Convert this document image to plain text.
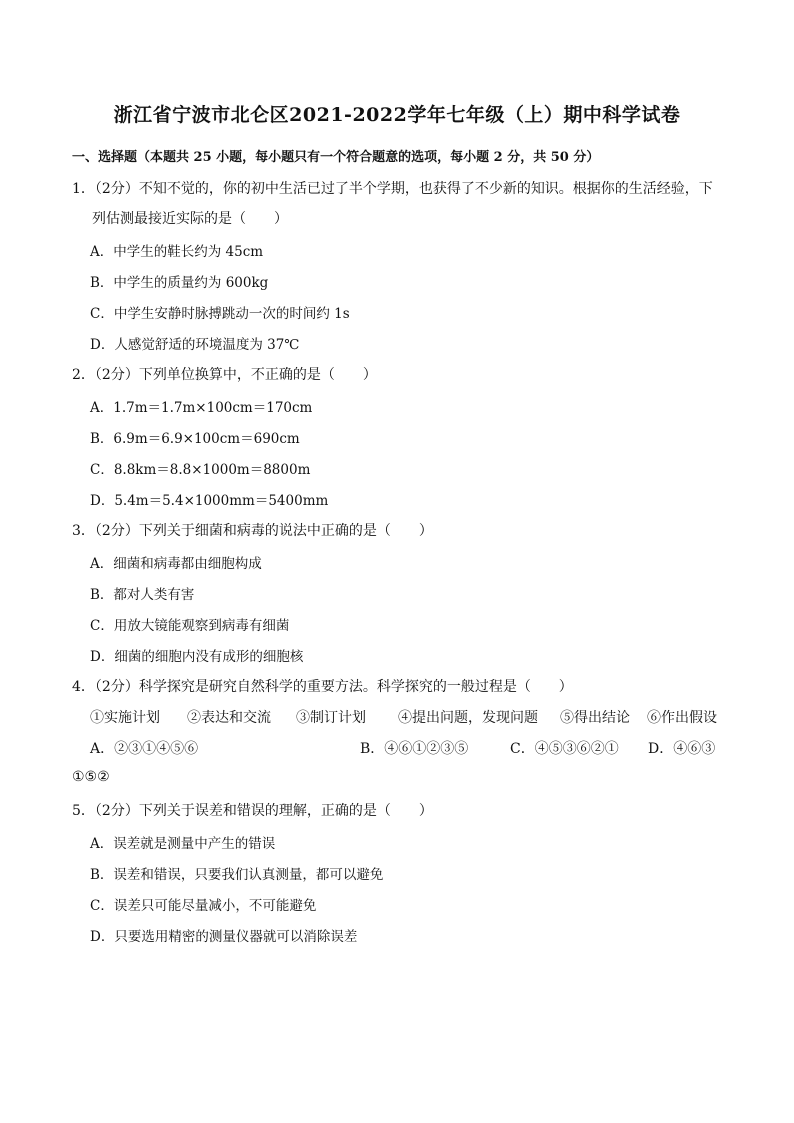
浙江省宁波市北仑区2021-2022学年七年级（上）期中科学试卷
一、选择题（本题共 25 小题，每小题只有一个符合题意的选项，每小题 2 分，共 50 分）
1．（2分）不知不觉的，你的初中生活已过了半个学期，也获得了不少新的知识。根据你的生活经验，下
列估测最接近实际的是（　　）
A．中学生的鞋长约为 45cm
B．中学生的质量约为 600kg
C．中学生安静时脉搏跳动一次的时间约 1s
D．人感觉舒适的环境温度为 37℃
2．（2分）下列单位换算中，不正确的是（　　）
A．1.7m＝1.7m×100cm＝170cm
B．6.9m＝6.9×100cm＝690cm
C．8.8km＝8.8×1000m＝8800m
D．5.4m＝5.4×1000mm＝5400mm
3．（2分）下列关于细菌和病毒的说法中正确的是（　　）
A．细菌和病毒都由细胞构成
B．都对人类有害
C．用放大镜能观察到病毒有细菌
D．细菌的细胞内没有成形的细胞核
4．（2分）科学探究是研究自然科学的重要方法。科学探究的一般过程是（　　）
①实施计划 ②表达和交流 ③制订计划 ④提出问题，发现问题 ⑤得出结论 ⑥作出假设
A．②③①④⑤⑥	B．④⑥①②③⑤	C．④⑤③⑥②① D．④⑥③
①⑤②
5．（2分）下列关于误差和错误的理解，正确的是（　　）
A．误差就是测量中产生的错误
B．误差和错误，只要我们认真测量，都可以避免
C．误差只可能尽量减小，不可能避免
D．只要选用精密的测量仪器就可以消除误差
